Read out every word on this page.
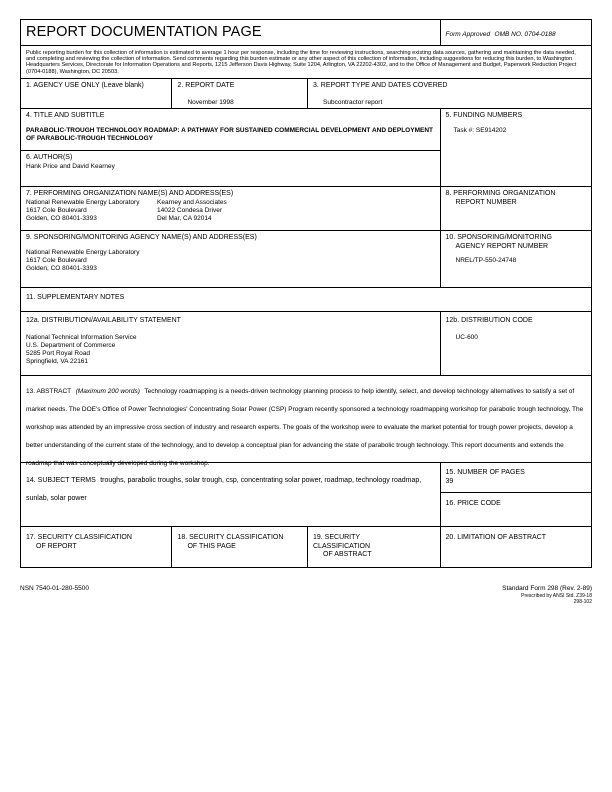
REPORT DOCUMENTATION PAGE	Form Approved OMB NO. 0704-0188
Public reporting burden for this collection of information is estimated to average 1 hour per response, including the time for reviewing instructions, searching existing data sources, gathering and maintaining the data needed, and completing and reviewing the collection of information. Send comments regarding this burden estimate or any other aspect of this collection of information, including suggestions for reducing this burden, to Washington Headquarters Services, Directorate for Information Operations and Reports, 1215 Jefferson Davis Highway, Suite 1204, Arlington, VA 22202-4302, and to the Office of Management and Budget, Paperwork Reduction Project (0704-0188), Washington, DC 20503.
1. AGENCY USE ONLY (Leave blank)	2. REPORT DATE
November 1998
3. REPORT TYPE AND DATES COVERED
Subcontractor report
4. TITLE AND SUBTITLE
PARABOLIC-TROUGH TECHNOLOGY ROADMAP: A PATHWAY FOR SUSTAINED COMMERCIAL DEVELOPMENT AND DEPLOYMENT OF PARABOLIC-TROUGH TECHNOLOGY
6. AUTHOR(S)
Hank Price and David Kearney
5. FUNDING NUMBERS
Task #: SE914202
7. PERFORMING ORGANIZATION NAME(S) AND ADDRESS(ES)
National Renewable Energy Laboratory
1617 Cole Boulevard
Golden, CO 80401-3393
Kearney and Associates
14022 Condesa Driver
Del Mar, CA 92014
8. PERFORMING ORGANIZATION
REPORT NUMBER
9. SPONSORING/MONITORING AGENCY NAME(S) AND ADDRESS(ES)
National Renewable Energy Laboratory
1617 Cole Boulevard
Golden, CO 80401-3393
10. SPONSORING/MONITORING
AGENCY REPORT NUMBER
NREL/TP-550-24748
11. SUPPLEMENTARY NOTES
12a. DISTRIBUTION/AVAILABILITY STATEMENT
National Technical Information Service
U.S. Department of Commerce
5285 Port Royal Road
Springfield, VA 22161
12b. DISTRIBUTION CODE
UC-600
13. ABSTRACT (Maximum 200 words) Technology roadmapping is a needs-driven technology planning process to help identify, select, and develop technology alternatives to satisfy a set of market needs. The DOE's Office of Power Technologies' Concentrating Solar Power (CSP) Program recently sponsored a technology roadmapping workshop for parabolic trough technology. The workshop was attended by an impressive cross section of industry and research experts. The goals of the workshop were to evaluate the market potential for trough power projects, develop a better understanding of the current state of the technology, and to develop a conceptual plan for advancing the state of parabolic trough technology. This report documents and extends the roadmap that was conceptually developed during the workshop.
14. SUBJECT TERMS troughs, parabolic troughs, solar trough, csp, concentrating solar power, roadmap, technology roadmap, sunlab, solar power
15. NUMBER OF PAGES
39
16. PRICE CODE
17. SECURITY CLASSIFICATION
OF REPORT
18. SECURITY CLASSIFICATION
OF THIS PAGE
19. SECURITY
CLASSIFICATION
OF ABSTRACT
20. LIMITATION OF ABSTRACT
NSN 7540-01-280-5500	Standard Form 298 (Rev. 2-89)
Prescribed by ANSI Std. Z39-18
298-102
